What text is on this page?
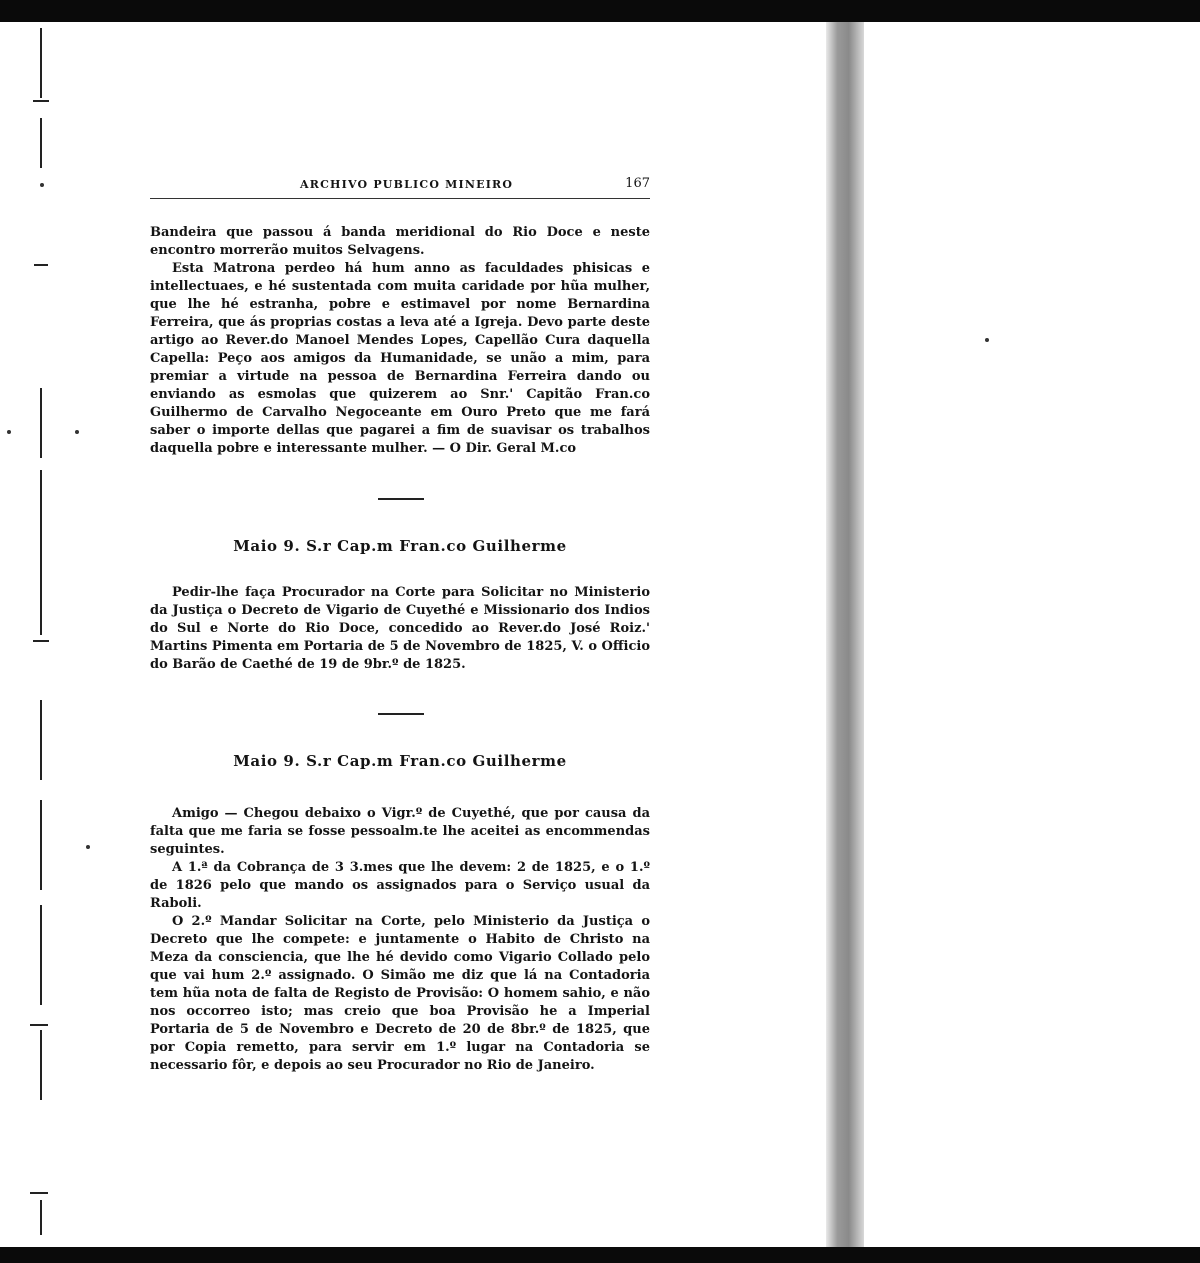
ARCHIVO PUBLICO MINEIRO	167

Bandeira que passou á banda meridional do Rio Doce e neste encontro morrerão muitos Selvagens.

Esta Matrona perdeo há hum anno as faculdades phisicas e intellectuaes, e hé sustentada com muita caridade por hũa mulher, que lhe hé estranha, pobre e estimavel por nome Bernardina Ferreira, que ás proprias costas a leva até a Igreja. Devo parte deste artigo ao Rever.do Manoel Mendes Lopes, Capellão Cura daquella Capella: Peço aos amigos da Humanidade, se unão a mim, para premiar a virtude na pessoa de Bernardina Ferreira dando ou enviando as esmolas que quizerem ao Snr.' Capitão Fran.co Guilhermo de Carvalho Negoceante em Ouro Preto que me fará saber o importe dellas que pagarei a fim de suavisar os trabalhos daquella pobre e interessante mulher. — O Dir. Geral M.co

Maio 9. S.r Cap.m Fran.co Guilherme

Pedir-lhe faça Procurador na Corte para Solicitar no Ministerio da Justiça o Decreto de Vigario de Cuyethé e Missionario dos Indios do Sul e Norte do Rio Doce, concedido ao Rever.do José Roiz.' Martins Pimenta em Portaria de 5 de Novembro de 1825, V. o Officio do Barão de Caethé de 19 de 9br.º de 1825.

Maio 9. S.r Cap.m Fran.co Guilherme

Amigo — Chegou debaixo o Vigr.º de Cuyethé, que por causa da falta que me faria se fosse pessoalm.te lhe aceitei as encommendas seguintes.

A 1.ª da Cobrança de 3 3.mes que lhe devem: 2 de 1825, e o 1.º de 1826 pelo que mando os assignados para o Serviço usual da Raboli.

O 2.º Mandar Solicitar na Corte, pelo Ministerio da Justiça o Decreto que lhe compete: e juntamente o Habito de Christo na Meza da consciencia, que lhe hé devido como Vigario Collado pelo que vai hum 2.º assignado. O Simão me diz que lá na Contadoria tem hũa nota de falta de Registo de Provisão: O homem sahio, e não nos occorreo isto; mas creio que boa Provisão he a Imperial Portaria de 5 de Novembro e Decreto de 20 de 8br.º de 1825, que por Copia remetto, para servir em 1.º lugar na Contadoria se necessario fôr, e depois ao seu Procurador no Rio de Janeiro.
